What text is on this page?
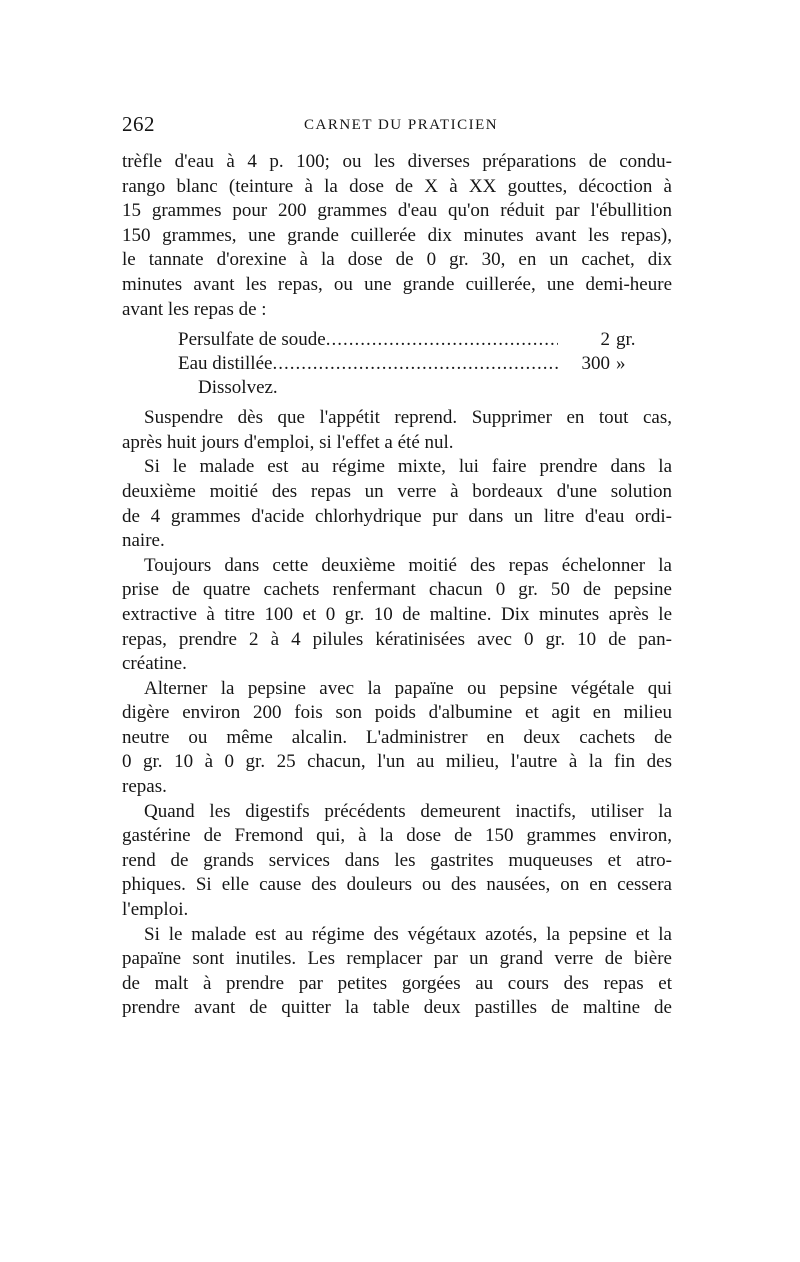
262	CARNET DU PRATICIEN
trèfle d'eau à 4 p. 100; ou les diverses préparations de condu-
rango blanc (teinture à la dose de X à XX gouttes, décoction à
15 grammes pour 200 grammes d'eau qu'on réduit par l'ébullition
150 grammes, une grande cuillerée dix minutes avant les repas),
le tannate d'orexine à la dose de 0 gr. 30, en un cachet, dix
minutes avant les repas, ou une grande cuillerée, une demi-heure
avant les repas de :
Persulfate de soude .....	2 gr.
Eau distillée .....	300 »
Dissolvez.
Suspendre dès que l'appétit reprend. Supprimer en tout cas,
après huit jours d'emploi, si l'effet a été nul.
Si le malade est au régime mixte, lui faire prendre dans la
deuxième moitié des repas un verre à bordeaux d'une solution
de 4 grammes d'acide chlorhydrique pur dans un litre d'eau ordi-
naire.
Toujours dans cette deuxième moitié des repas échelonner la
prise de quatre cachets renfermant chacun 0 gr. 50 de pepsine
extractive à titre 100 et 0 gr. 10 de maltine. Dix minutes après le
repas, prendre 2 à 4 pilules kératinisées avec 0 gr. 10 de pan-
créatine.
Alterner la pepsine avec la papaïne ou pepsine végétale qui
digère environ 200 fois son poids d'albumine et agit en milieu
neutre ou même alcalin. L'administrer en deux cachets de
0 gr. 10 à 0 gr. 25 chacun, l'un au milieu, l'autre à la fin des
repas.
Quand les digestifs précédents demeurent inactifs, utiliser la
gastérine de Fremond qui, à la dose de 150 grammes environ,
rend de grands services dans les gastrites muqueuses et atro-
phiques. Si elle cause des douleurs ou des nausées, on en cessera
l'emploi.
Si le malade est au régime des végétaux azotés, la pepsine et la
papaïne sont inutiles. Les remplacer par un grand verre de bière
de malt à prendre par petites gorgées au cours des repas et
prendre avant de quitter la table deux pastilles de maltine de
